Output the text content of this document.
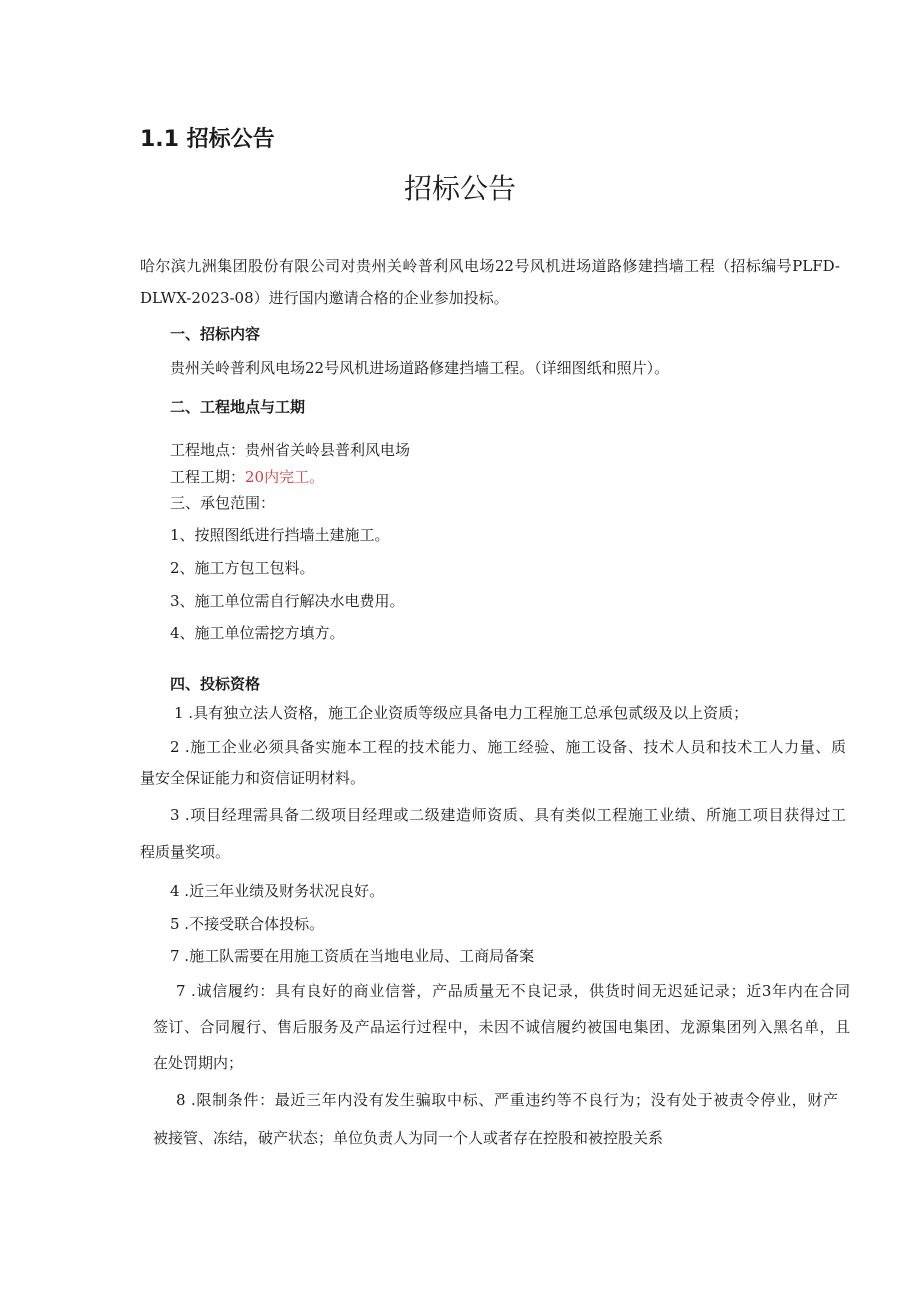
1.1 招标公告
招标公告
哈尔滨九洲集团股份有限公司对贵州关岭普利风电场22号风机进场道路修建挡墙工程（招标编号PLFD-
DLWX-2023-08）进行国内邀请合格的企业参加投标。
一、招标内容
贵州关岭普利风电场22号风机进场道路修建挡墙工程。（详细图纸和照片）。
二、工程地点与工期
工程地点：贵州省关岭县普利风电场
工程工期：20内完工。
三、承包范围：
1、按照图纸进行挡墙土建施工。
2、施工方包工包料。
3、施工单位需自行解决水电费用。
4、施工单位需挖方填方。
四、投标资格
1 .具有独立法人资格，施工企业资质等级应具备电力工程施工总承包贰级及以上资质；
2 .施工企业必须具备实施本工程的技术能力、施工经验、施工设备、技术人员和技术工人力量、质
量安全保证能力和资信证明材料。
3 .项目经理需具备二级项目经理或二级建造师资质、具有类似工程施工业绩、所施工项目获得过工
程质量奖项。
4 .近三年业绩及财务状况良好。
5 .不接受联合体投标。
7 .施工队需要在用施工资质在当地电业局、工商局备案
7 .诚信履约：具有良好的商业信誉，产品质量无不良记录，供货时间无迟延记录；近3年内在合同
签订、合同履行、售后服务及产品运行过程中，未因不诚信履约被国电集团、龙源集团列入黑名单，且
在处罚期内；
8 .限制条件：最近三年内没有发生骗取中标、严重违约等不良行为；没有处于被责令停业，财产
被接管、冻结，破产状态；单位负责人为同一个人或者存在控股和被控股关系
